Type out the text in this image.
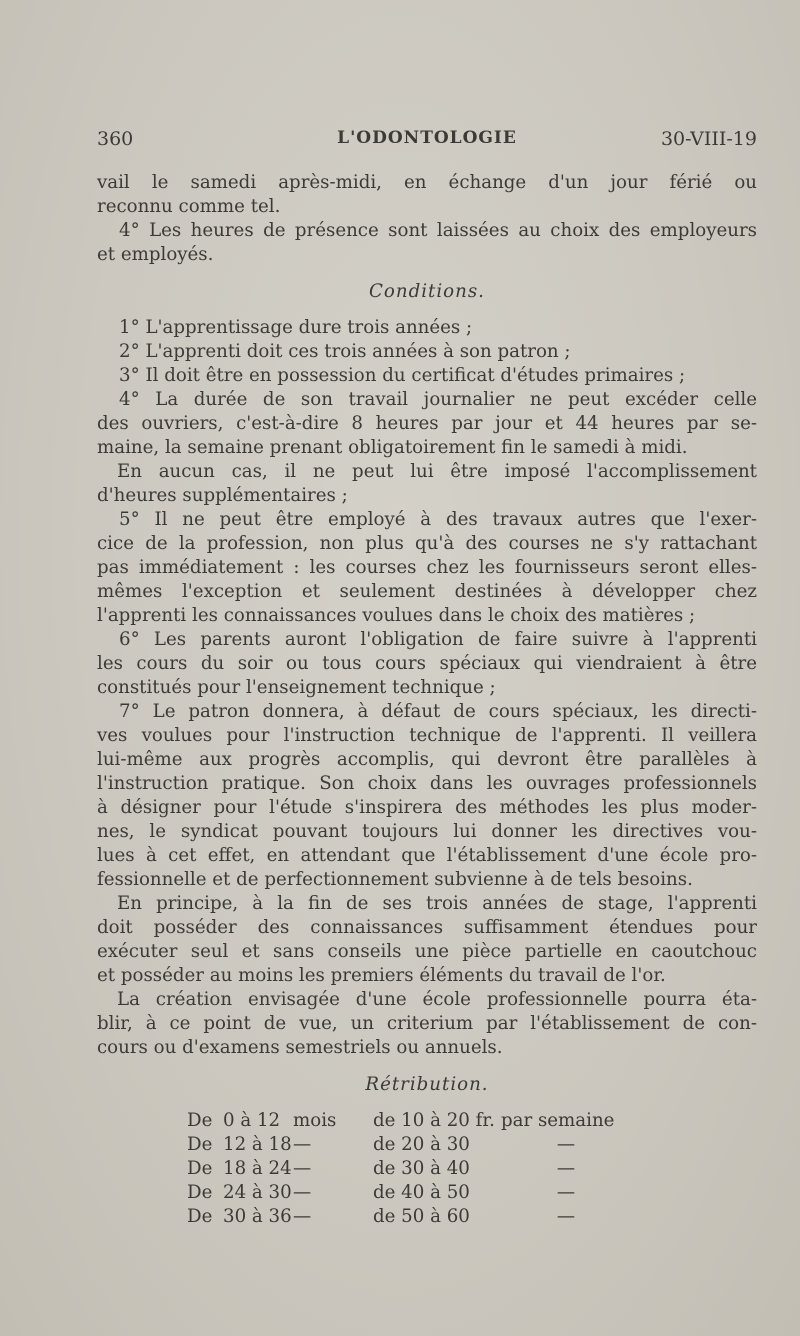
360	L'ODONTOLOGIE	30-VIII-19

vail le samedi après-midi, en échange d'un jour férié ou

reconnu comme tel.

4° Les heures de présence sont laissées au choix des employeurs

et employés.

Conditions.

1° L'apprentissage dure trois années ;

2° L'apprenti doit ces trois années à son patron ;

3° Il doit être en possession du certificat d'études primaires ;

4° La durée de son travail journalier ne peut excéder celle

des ouvriers, c'est-à-dire 8 heures par jour et 44 heures par se-

maine, la semaine prenant obligatoirement fin le samedi à midi.

En aucun cas, il ne peut lui être imposé l'accomplissement

d'heures supplémentaires ;

5° Il ne peut être employé à des travaux autres que l'exer-

cice de la profession, non plus qu'à des courses ne s'y rattachant

pas immédiatement : les courses chez les fournisseurs seront elles-

mêmes l'exception et seulement destinées à développer chez

l'apprenti les connaissances voulues dans le choix des matières ;

6° Les parents auront l'obligation de faire suivre à l'apprenti

les cours du soir ou tous cours spéciaux qui viendraient à être

constitués pour l'enseignement technique ;

7° Le patron donnera, à défaut de cours spéciaux, les directi-

ves voulues pour l'instruction technique de l'apprenti. Il veillera

lui-même aux progrès accomplis, qui devront être parallèles à

l'instruction pratique. Son choix dans les ouvrages professionnels

à désigner pour l'étude s'inspirera des méthodes les plus moder-

nes, le syndicat pouvant toujours lui donner les directives vou-

lues à cet effet, en attendant que l'établissement d'une école pro-

fessionnelle et de perfectionnement subvienne à de tels besoins.

En principe, à la fin de ses trois années de stage, l'apprenti

doit posséder des connaissances suffisamment étendues pour

exécuter seul et sans conseils une pièce partielle en caoutchouc

et posséder au moins les premiers éléments du travail de l'or.

La création envisagée d'une école professionnelle pourra éta-

blir, à ce point de vue, un criterium par l'établissement de con-

cours ou d'examens semestriels ou annuels.

Rétribution.

De 0 à 12 mois	de 10 à 20 fr. par semaine
De 12 à 18 —	de 20 à 30	—
De 18 à 24 —	de 30 à 40	—
De 24 à 30 —	de 40 à 50	—
De 30 à 36 —	de 50 à 60	—
